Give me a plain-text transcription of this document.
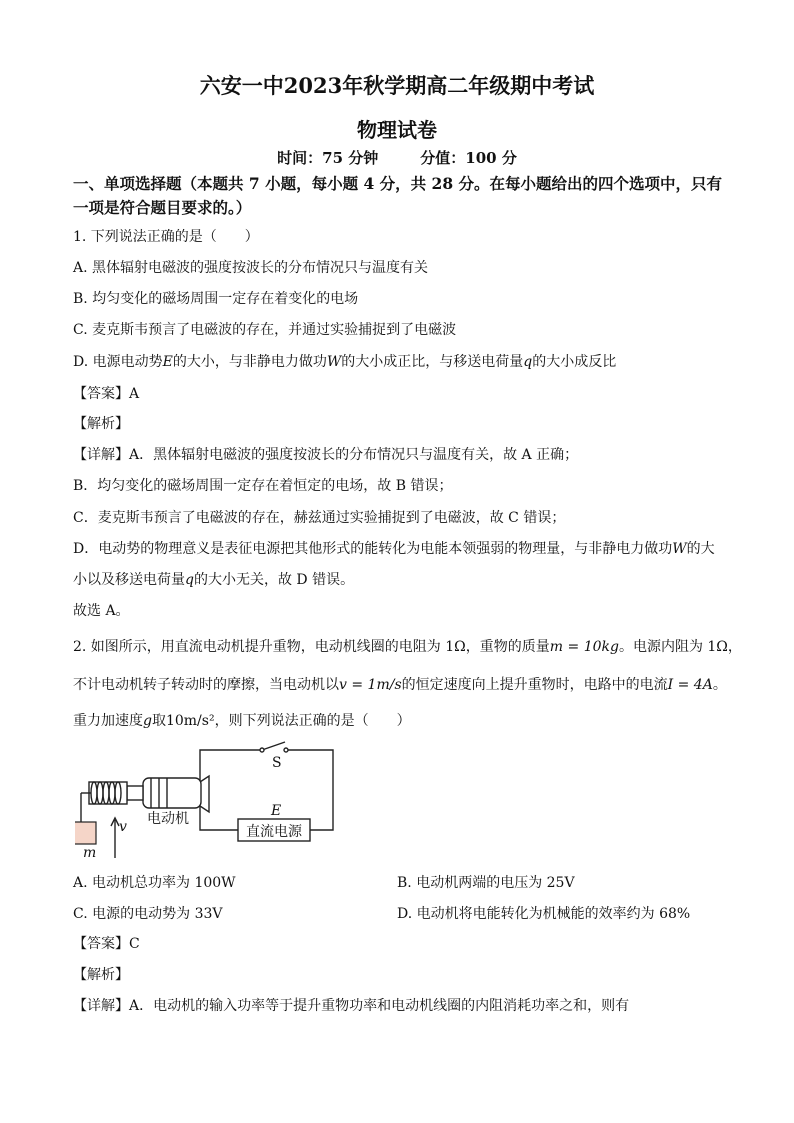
六安一中2023年秋学期高二年级期中考试
物理试卷
时间：75 分钟	分值：100 分
一、单项选择题（本题共 7 小题，每小题 4 分，共 28 分。在每小题给出的四个选项中，只有
一项是符合题目要求的。）
1. 下列说法正确的是（　　）
A. 黑体辐射电磁波的强度按波长的分布情况只与温度有关
B. 均匀变化的磁场周围一定存在着变化的电场
C. 麦克斯韦预言了电磁波的存在，并通过实验捕捉到了电磁波
D. 电源电动势E的大小，与非静电力做功W的大小成正比，与移送电荷量q的大小成反比
【答案】A
【解析】
【详解】A．黑体辐射电磁波的强度按波长的分布情况只与温度有关，故 A 正确；
B．均匀变化的磁场周围一定存在着恒定的电场，故 B 错误；
C．麦克斯韦预言了电磁波的存在，赫兹通过实验捕捉到了电磁波，故 C 错误；
D．电动势的物理意义是表征电源把其他形式的能转化为电能本领强弱的物理量，与非静电力做功W的大
小以及移送电荷量q的大小无关，故 D 错误。
故选 A。
2. 如图所示，用直流电动机提升重物，电动机线圈的电阻为 1Ω，重物的质量m = 10kg。电源内阻为 1Ω，
不计电动机转子转动时的摩擦，当电动机以v = 1m/s的恒定速度向上提升重物时，电路中的电流I = 4A。
重力加速度g取10m/s²，则下列说法正确的是（　　）
S
E
电动机
直流电源
m
v
A. 电动机总功率为 100W	B. 电动机两端的电压为 25V
C. 电源的电动势为 33V	D. 电动机将电能转化为机械能的效率约为 68%
【答案】C
【解析】
【详解】A．电动机的输入功率等于提升重物功率和电动机线圈的内阻消耗功率之和，则有
